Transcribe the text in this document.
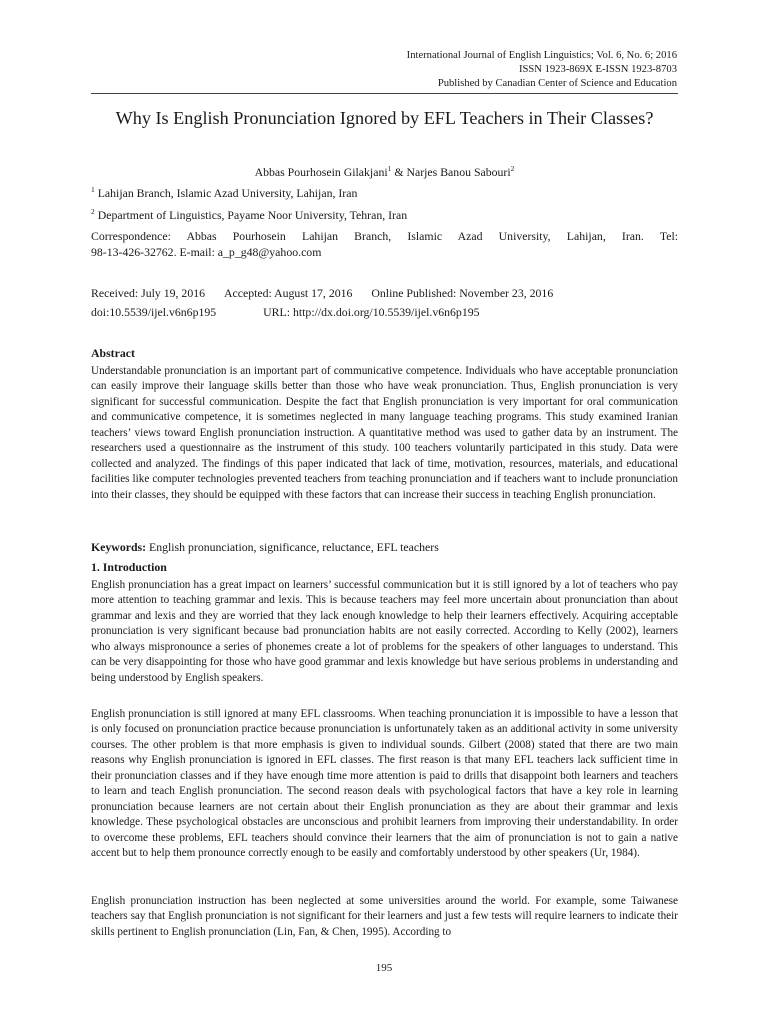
International Journal of English Linguistics; Vol. 6, No. 6; 2016
ISSN 1923-869X E-ISSN 1923-8703
Published by Canadian Center of Science and Education
Why Is English Pronunciation Ignored by EFL Teachers in Their Classes?
Abbas Pourhosein Gilakjani$^1$ & Narjes Banou Sabouri$^2$
$^1$ Lahijan Branch, Islamic Azad University, Lahijan, Iran
$^2$ Department of Linguistics, Payame Noor University, Tehran, Iran
Correspondence: Abbas Pourhosein Lahijan Branch, Islamic Azad University, Lahijan, Iran. Tel:
98-13-426-32762. E-mail: a_p_g48@yahoo.com
Received: July 19, 2016 Accepted: August 17, 2016 Online Published: November 23, 2016
doi:10.5539/ijel.v6n6p195	URL: http://dx.doi.org/10.5539/ijel.v6n6p195
Abstract

Understandable pronunciation is an important part of communicative competence. Individuals who have acceptable pronunciation can easily improve their language skills better than those who have weak pronunciation. Thus, English pronunciation is very significant for successful communication. Despite the fact that English pronunciation is very important for oral communication and communicative competence, it is sometimes neglected in many language teaching programs. This study examined Iranian teachers’ views toward English pronunciation instruction. A quantitative method was used to gather data by an instrument. The researchers used a questionnaire as the instrument of this study. 100 teachers voluntarily participated in this study. Data were collected and analyzed. The findings of this paper indicated that lack of time, motivation, resources, materials, and educational facilities like computer technologies prevented teachers from teaching pronunciation and if teachers want to include pronunciation into their classes, they should be equipped with these factors that can increase their success in teaching English pronunciation.

Keywords: English pronunciation, significance, reluctance, EFL teachers
1. Introduction

English pronunciation has a great impact on learners’ successful communication but it is still ignored by a lot of teachers who pay more attention to teaching grammar and lexis. This is because teachers may feel more uncertain about pronunciation than about grammar and lexis and they are worried that they lack enough knowledge to help their learners effectively. Acquiring acceptable pronunciation is very significant because bad pronunciation habits are not easily corrected. According to Kelly (2002), learners who always mispronounce a series of phonemes create a lot of problems for the speakers of other languages to understand. This can be very disappointing for those who have good grammar and lexis knowledge but have serious problems in understanding and being understood by English speakers.

English pronunciation is still ignored at many EFL classrooms. When teaching pronunciation it is impossible to have a lesson that is only focused on pronunciation practice because pronunciation is unfortunately taken as an additional activity in some university courses. The other problem is that more emphasis is given to individual sounds. Gilbert (2008) stated that there are two main reasons why English pronunciation is ignored in EFL classes. The first reason is that many EFL teachers lack sufficient time in their pronunciation classes and if they have enough time more attention is paid to drills that disappoint both learners and teachers to learn and teach English pronunciation. The second reason deals with psychological factors that have a key role in learning pronunciation because learners are not certain about their English pronunciation as they are about their grammar and lexis knowledge. These psychological obstacles are unconscious and prohibit learners from improving their understandability. In order to overcome these problems, EFL teachers should convince their learners that the aim of pronunciation is not to gain a native accent but to help them pronounce correctly enough to be easily and comfortably understood by other speakers (Ur, 1984).

English pronunciation instruction has been neglected at some universities around the world. For example, some Taiwanese teachers say that English pronunciation is not significant for their learners and just a few tests will require learners to indicate their skills pertinent to English pronunciation (Lin, Fan, & Chen, 1995). According to

195
